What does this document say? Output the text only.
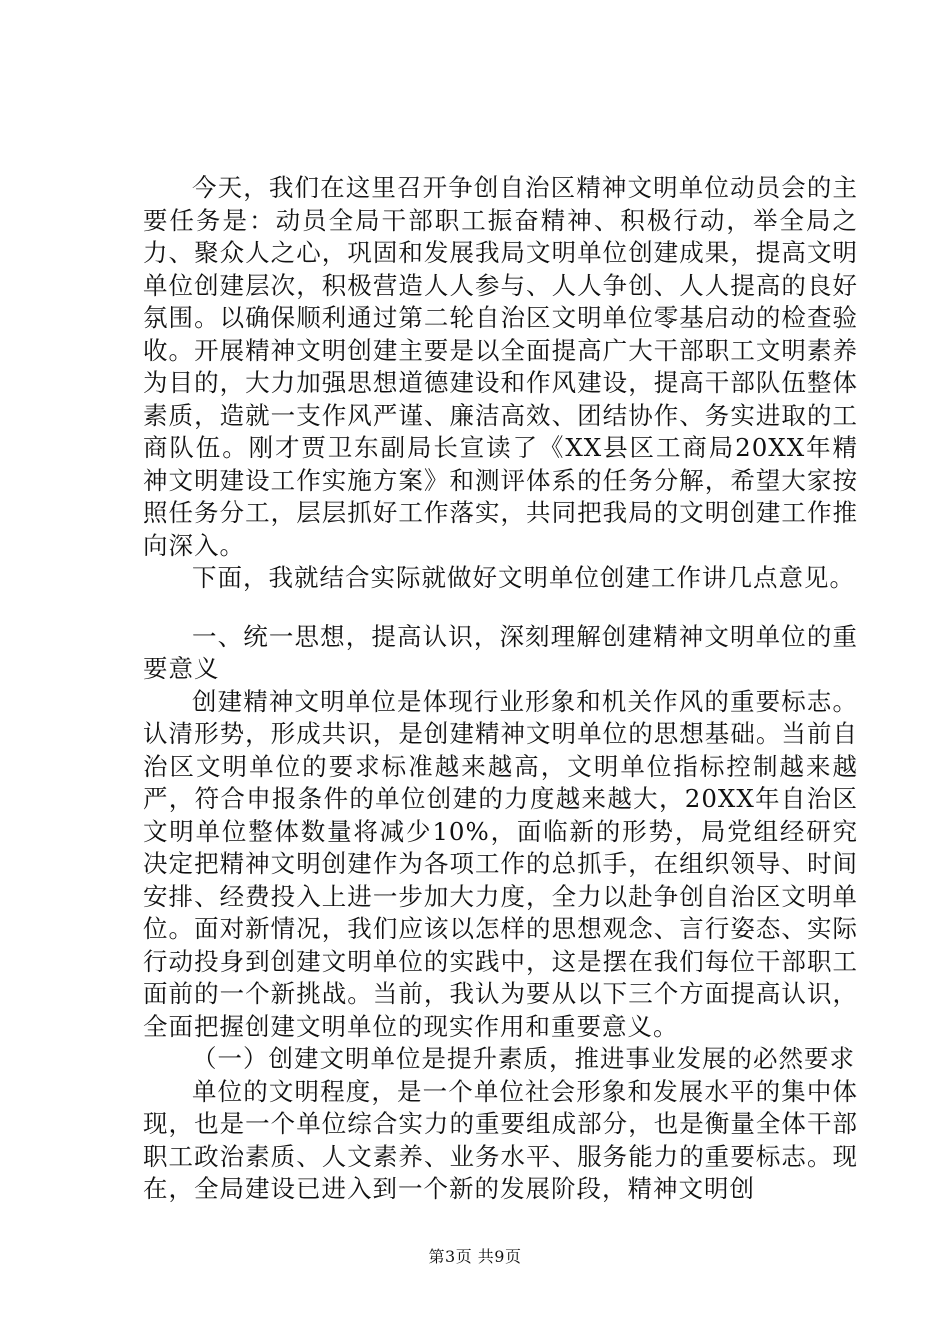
今天，我们在这里召开争创自治区精神文明单位动员会的主要任务是：动员全局干部职工振奋精神、积极行动，举全局之力、聚众人之心，巩固和发展我局文明单位创建成果，提高文明单位创建层次，积极营造人人参与、人人争创、人人提高的良好氛围。以确保顺利通过第二轮自治区文明单位零基启动的检查验收。开展精神文明创建主要是以全面提高广大干部职工文明素养为目的，大力加强思想道德建设和作风建设，提高干部队伍整体素质，造就一支作风严谨、廉洁高效、团结协作、务实进取的工商队伍。刚才贾卫东副局长宣读了《XX县区工商局20XX年精神文明建设工作实施方案》和测评体系的任务分解，希望大家按照任务分工，层层抓好工作落实，共同把我局的文明创建工作推向深入。

下面，我就结合实际就做好文明单位创建工作讲几点意见。

一、统一思想，提高认识，深刻理解创建精神文明单位的重要意义

创建精神文明单位是体现行业形象和机关作风的重要标志。认清形势，形成共识，是创建精神文明单位的思想基础。当前自治区文明单位的要求标准越来越高，文明单位指标控制越来越严，符合申报条件的单位创建的力度越来越大，20XX年自治区文明单位整体数量将减少10%，面临新的形势，局党组经研究决定把精神文明创建作为各项工作的总抓手，在组织领导、时间安排、经费投入上进一步加大力度，全力以赴争创自治区文明单位。面对新情况，我们应该以怎样的思想观念、言行姿态、实际行动投身到创建文明单位的实践中，这是摆在我们每位干部职工面前的一个新挑战。当前，我认为要从以下三个方面提高认识，全面把握创建文明单位的现实作用和重要意义。

（一）创建文明单位是提升素质，推进事业发展的必然要求

单位的文明程度，是一个单位社会形象和发展水平的集中体现，也是一个单位综合实力的重要组成部分，也是衡量全体干部职工政治素质、人文素养、业务水平、服务能力的重要标志。现在，全局建设已进入到一个新的发展阶段，精神文明创

第3页 共9页
